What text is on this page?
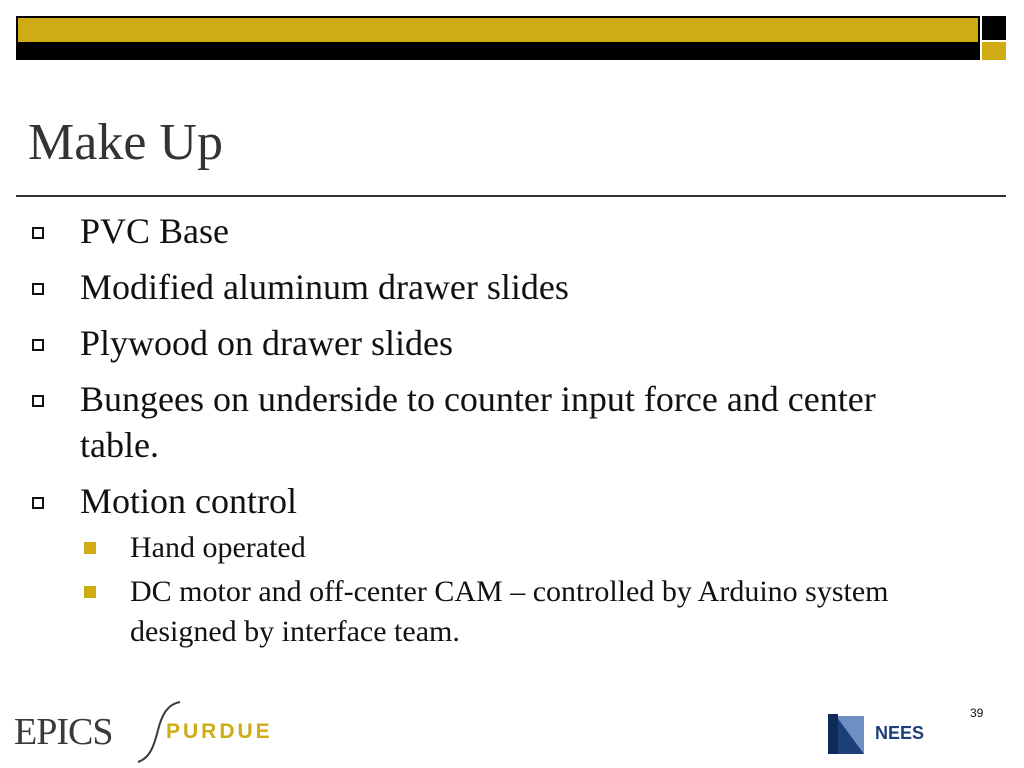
Make Up
PVC Base
Modified aluminum drawer slides
Plywood on drawer slides
Bungees on underside to counter input force and center table.
Motion control
Hand operated
DC motor and off-center CAM – controlled by Arduino system designed by interface team.
EPICS	PURDUE
39
NEES
